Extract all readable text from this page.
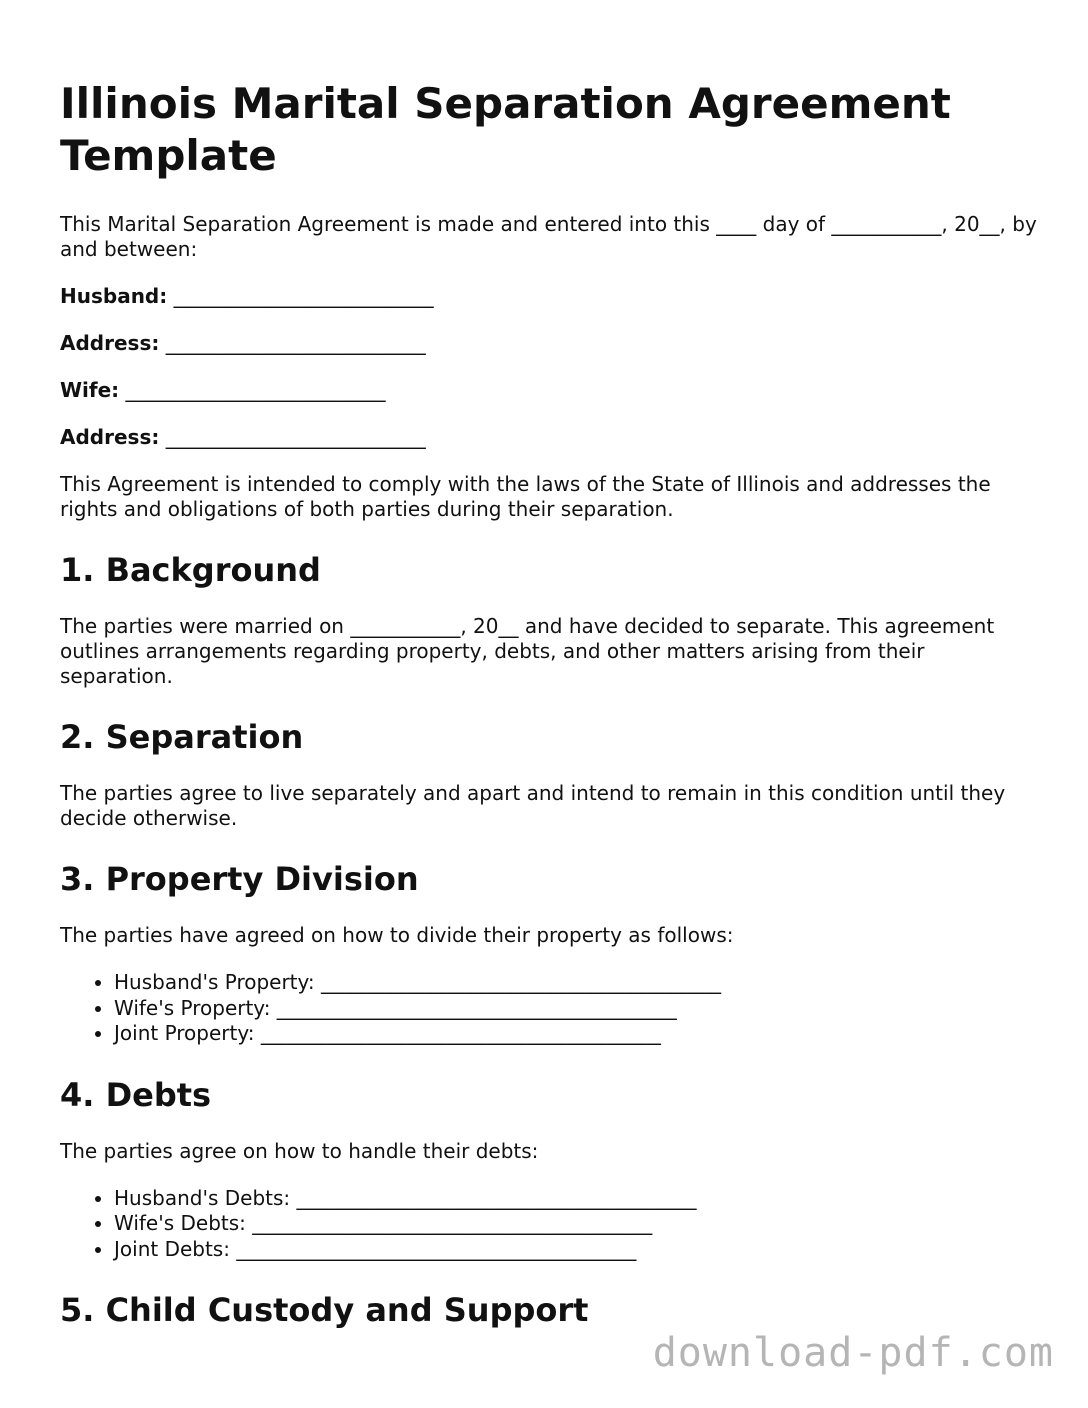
Illinois Marital Separation Agreement Template

This Marital Separation Agreement is made and entered into this ____ day of ___________, 20__, by and between:

Husband: __________________________
Address: __________________________
Wife: __________________________
Address: __________________________

This Agreement is intended to comply with the laws of the State of Illinois and addresses the rights and obligations of both parties during their separation.

1. Background

The parties were married on ___________, 20__ and have decided to separate. This agreement outlines arrangements regarding property, debts, and other matters arising from their separation.

2. Separation

The parties agree to live separately and apart and intend to remain in this condition until they decide otherwise.

3. Property Division

The parties have agreed on how to divide their property as follows:

• Husband's Property: ________________________________________
• Wife's Property: ________________________________________
• Joint Property: ________________________________________
4. Debts

The parties agree on how to handle their debts:

• Husband's Debts: ________________________________________
• Wife's Debts: ________________________________________
• Joint Debts: ________________________________________
5. Child Custody and Support
download-pdf.com
